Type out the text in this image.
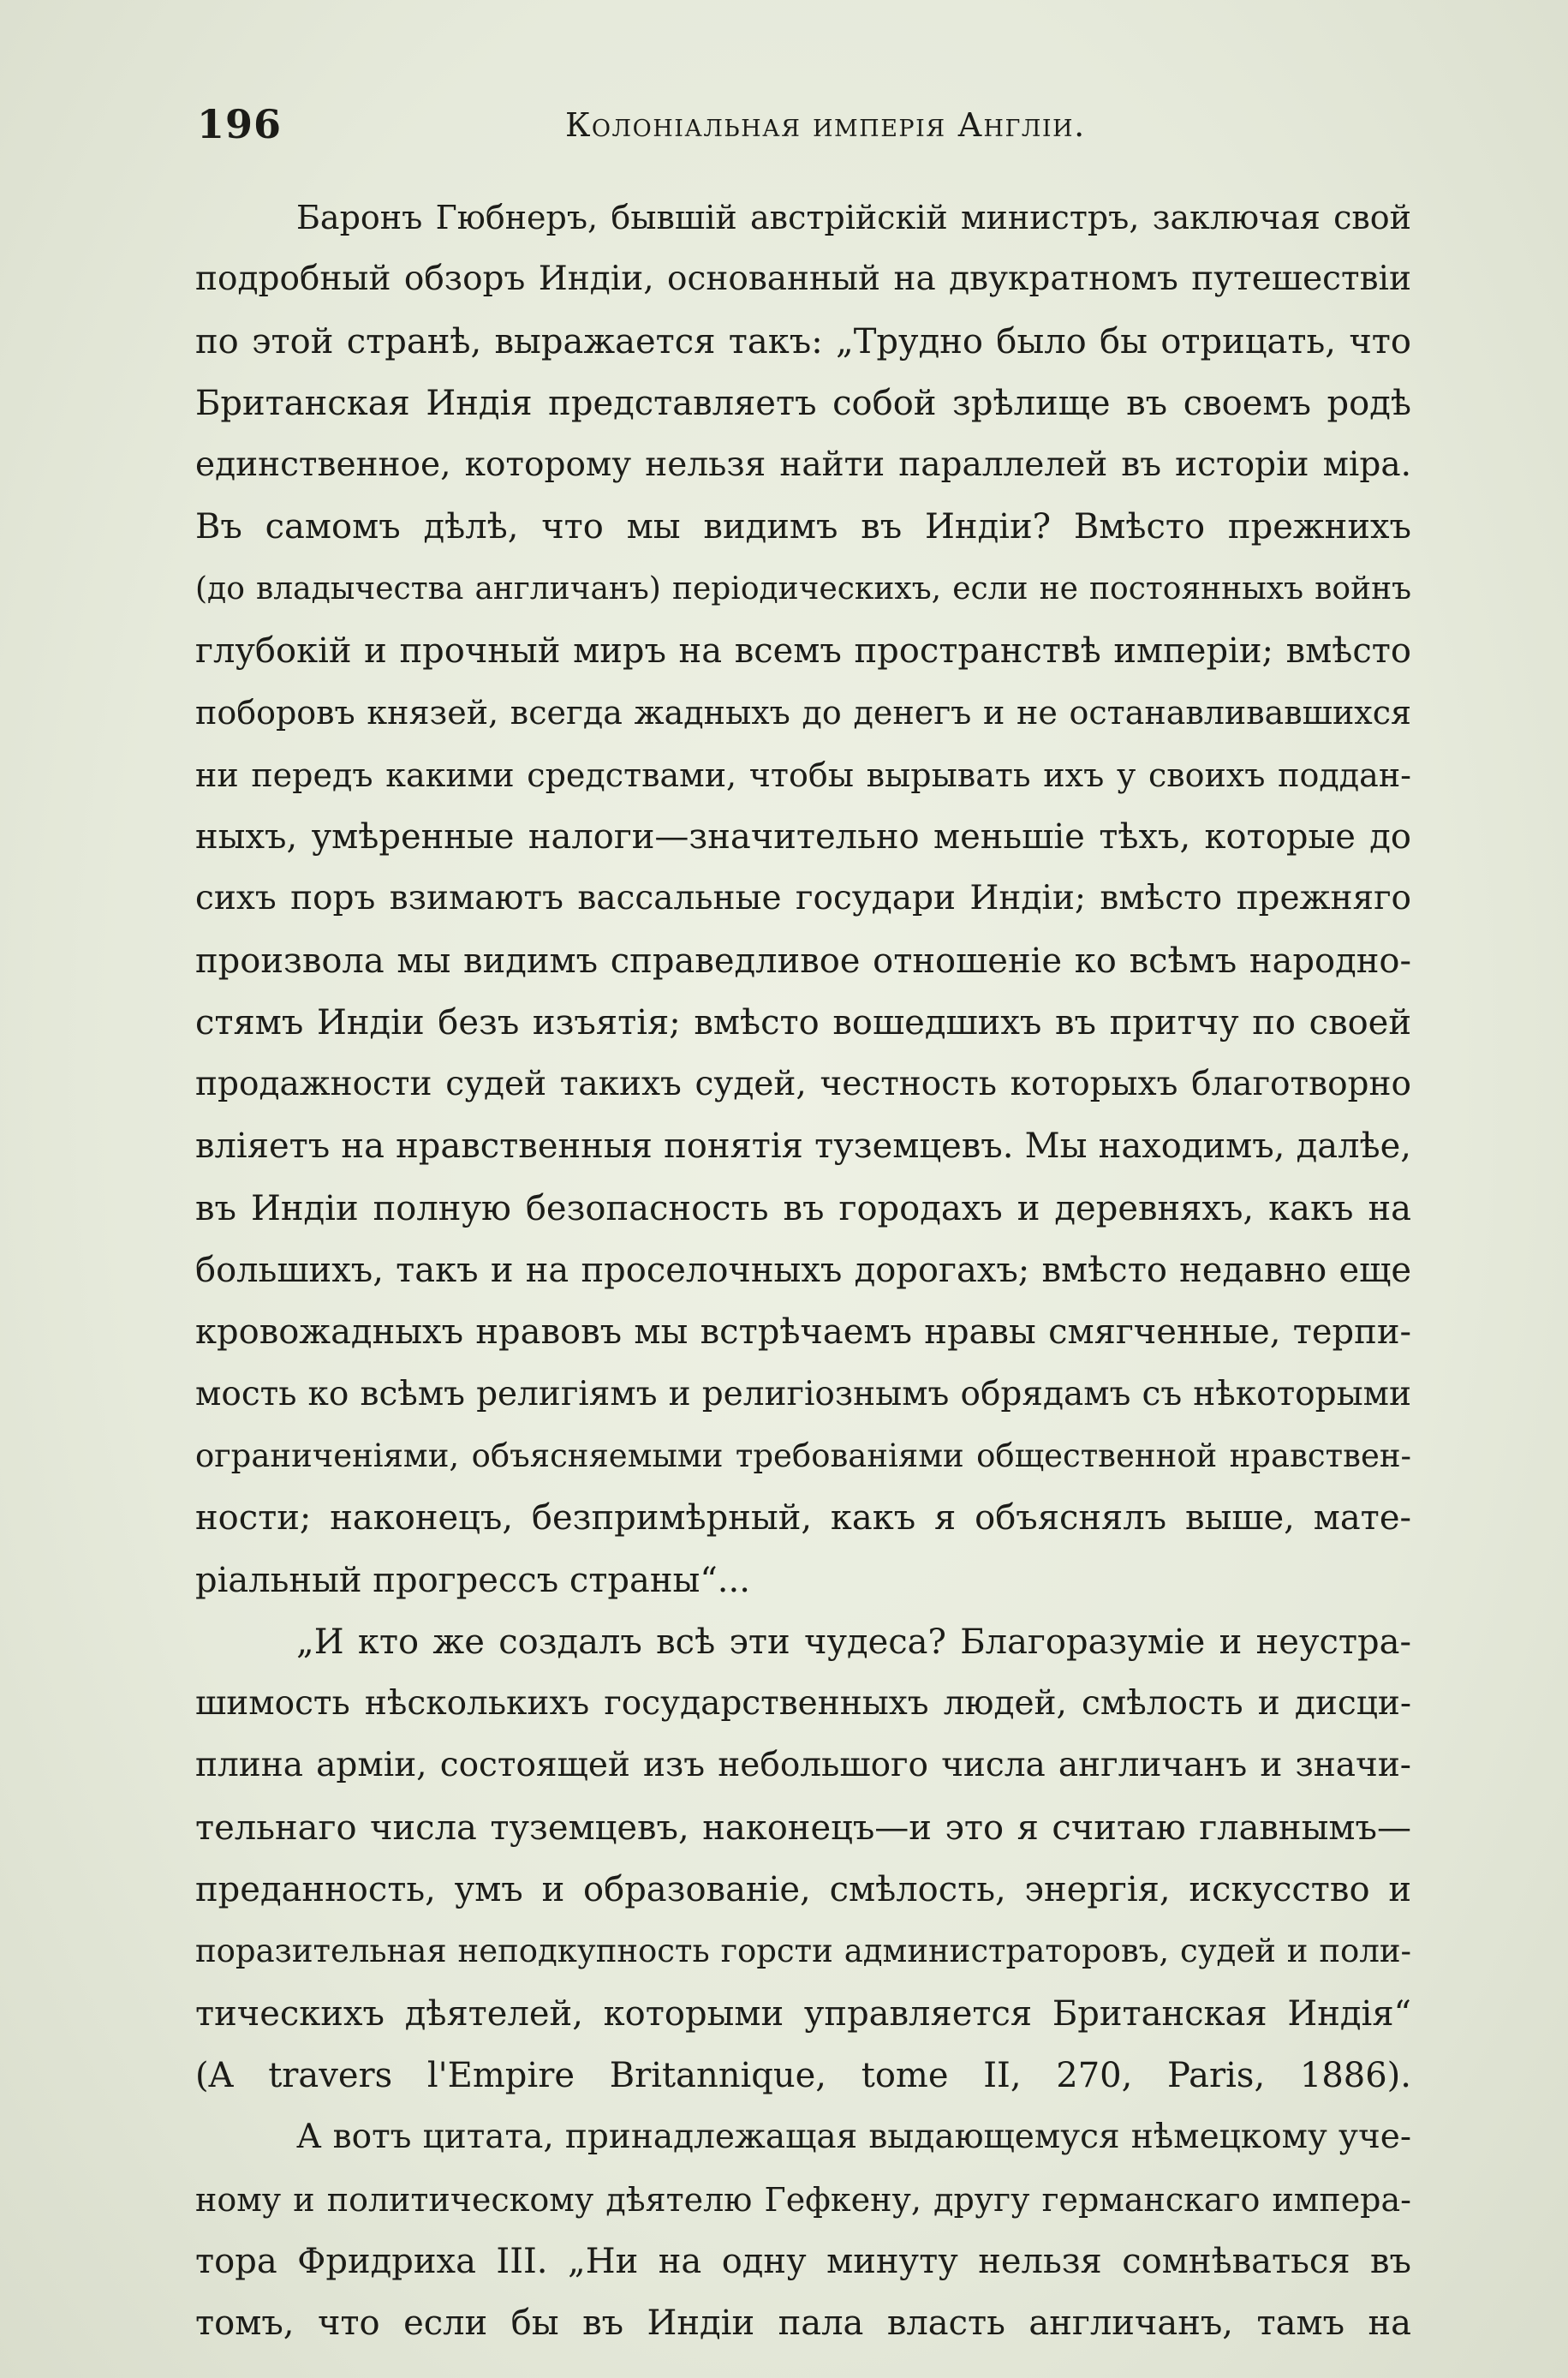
196	Колоніальная имперія Англіи.
Баронъ Гюбнеръ, бывшій австрійскій министръ, заключая свой
подробный обзоръ Индіи, основанный на двукратномъ путешествіи
по этой странѣ, выражается такъ: „Трудно было бы отрицать, что
Британская Индія представляетъ собой зрѣлище въ своемъ родѣ
единственное, которому нельзя найти параллелей въ исторіи міра.
Въ самомъ дѣлѣ, что мы видимъ въ Индіи? Вмѣсто прежнихъ
(до владычества англичанъ) періодическихъ, если не постоянныхъ войнъ
глубокій и прочный миръ на всемъ пространствѣ имперіи; вмѣсто
поборовъ князей, всегда жадныхъ до денегъ и не останавливавшихся
ни передъ какими средствами, чтобы вырывать ихъ у своихъ поддан-
ныхъ, умѣренные налоги—значительно меньшіе тѣхъ, которые до
сихъ поръ взимаютъ вассальные государи Индіи; вмѣсто прежняго
произвола мы видимъ справедливое отношеніе ко всѣмъ народно-
стямъ Индіи безъ изъятія; вмѣсто вошедшихъ въ притчу по своей
продажности судей такихъ судей, честность которыхъ благотворно
вліяетъ на нравственныя понятія туземцевъ. Мы находимъ, далѣе,
въ Индіи полную безопасность въ городахъ и деревняхъ, какъ на
большихъ, такъ и на проселочныхъ дорогахъ; вмѣсто недавно еще
кровожадныхъ нравовъ мы встрѣчаемъ нравы смягченные, терпи-
мость ко всѣмъ религіямъ и религіознымъ обрядамъ съ нѣкоторыми
ограниченіями, объясняемыми требованіями общественной нравствен-
ности; наконецъ, безпримѣрный, какъ я объяснялъ выше, мате-
ріальный прогрессъ страны“...
„И кто же создалъ всѣ эти чудеса? Благоразуміе и неустра-
шимость нѣсколькихъ государственныхъ людей, смѣлость и дисци-
плина арміи, состоящей изъ небольшого числа англичанъ и значи-
тельнаго числа туземцевъ, наконецъ—и это я считаю главнымъ—
преданность, умъ и образованіе, смѣлость, энергія, искусство и
поразительная неподкупность горсти администраторовъ, судей и поли-
тическихъ дѣятелей, которыми управляется Британская Индія“
(A travers l'Empire Britannique, tome II, 270, Paris, 1886).
А вотъ цитата, принадлежащая выдающемуся нѣмецкому уче-
ному и политическому дѣятелю Гефкену, другу германскаго импера-
тора Фридриха III. „Ни на одну минуту нельзя сомнѣваться въ
томъ, что если бы въ Индіи пала власть англичанъ, тамъ на
